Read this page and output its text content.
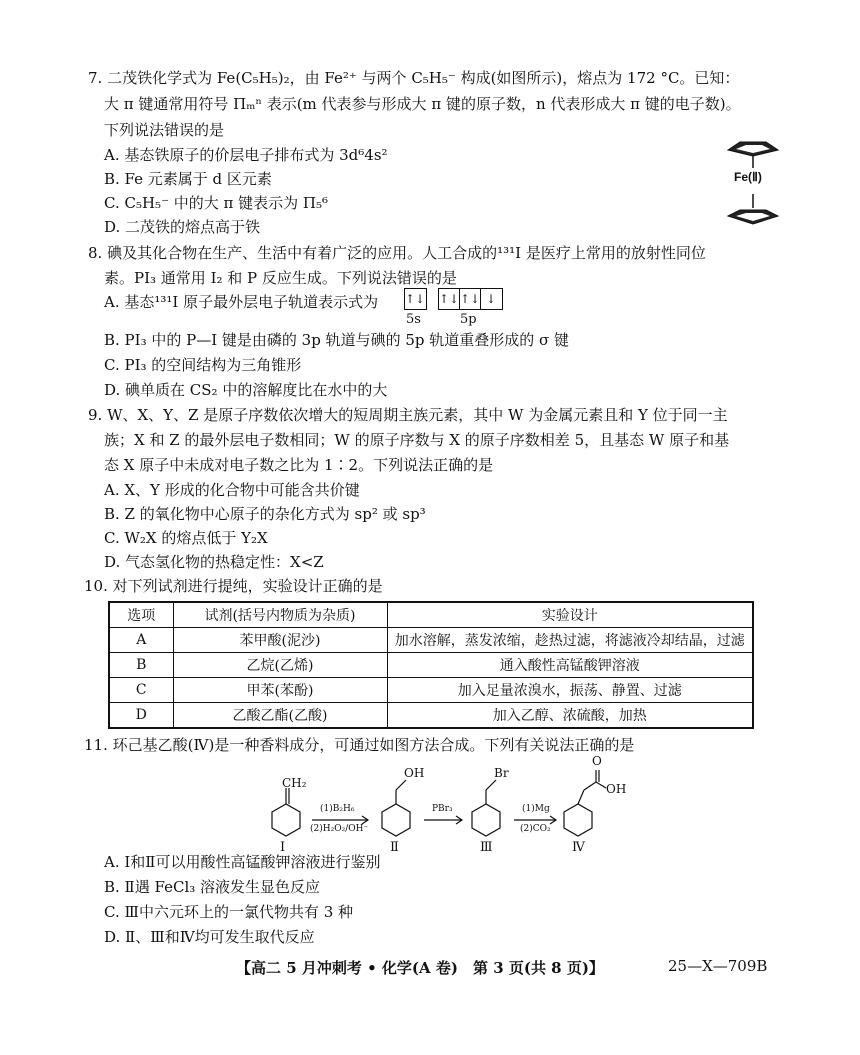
7. 二茂铁化学式为 Fe(C₅H₅)₂，由 Fe²⁺ 与两个 C₅H₅⁻ 构成(如图所示)，熔点为 172 °C。已知：
大 π 键通常用符号 Πₘⁿ 表示(m 代表参与形成大 π 键的原子数，n 代表形成大 π 键的电子数)。
下列说法错误的是
A. 基态铁原子的价层电子排布式为 3d⁶4s²
B. Fe 元素属于 d 区元素
C. C₅H₅⁻ 中的大 π 键表示为 Π₅⁶
D. 二茂铁的熔点高于铁
Fe(Ⅱ)
8. 碘及其化合物在生产、生活中有着广泛的应用。人工合成的¹³¹I 是医疗上常用的放射性同位
素。PI₃ 通常用 I₂ 和 P 反应生成。下列说法错误的是
A. 基态¹³¹I 原子最外层电子轨道表示式为 ↑↓ ↑↓ ↑↓ ↓
5s	5p
B. PI₃ 中的 P—I 键是由磷的 3p 轨道与碘的 5p 轨道重叠形成的 σ 键
C. PI₃ 的空间结构为三角锥形
D. 碘单质在 CS₂ 中的溶解度比在水中的大
9. W、X、Y、Z 是原子序数依次增大的短周期主族元素，其中 W 为金属元素且和 Y 位于同一主
族；X 和 Z 的最外层电子数相同；W 的原子序数与 X 的原子序数相差 5，且基态 W 原子和基
态 X 原子中未成对电子数之比为 1∶2。下列说法正确的是
A. X、Y 形成的化合物中可能含共价键
B. Z 的氧化物中心原子的杂化方式为 sp² 或 sp³
C. W₂X 的熔点低于 Y₂X
D. 气态氢化物的热稳定性：X<Z
10. 对下列试剂进行提纯，实验设计正确的是
选项	试剂(括号内物质为杂质)	实验设计
A	苯甲酸(泥沙)	加水溶解，蒸发浓缩，趁热过滤，将滤液冷却结晶，过滤
B	乙烷(乙烯)	通入酸性高锰酸钾溶液
C	甲苯(苯酚)	加入足量浓溴水，振荡、静置、过滤
D	乙酸乙酯(乙酸)	加入乙醇、浓硫酸，加热
11. 环己基乙酸(Ⅳ)是一种香料成分，可通过如图方法合成。下列有关说法正确的是
CH₂
(1)B₂H₆
(2)H₂O₂/OH⁻
OH
PBr₃
Br
(1)Mg
(2)CO₂
O
OH
Ⅰ	Ⅱ	Ⅲ	Ⅳ
A. Ⅰ和Ⅱ可以用酸性高锰酸钾溶液进行鉴别
B. Ⅱ遇 FeCl₃ 溶液发生显色反应
C. Ⅲ中六元环上的一氯代物共有 3 种
D. Ⅱ、Ⅲ和Ⅳ均可发生取代反应
【高二 5 月冲刺考 • 化学(A 卷)　第 3 页(共 8 页)】	25—X—709B
